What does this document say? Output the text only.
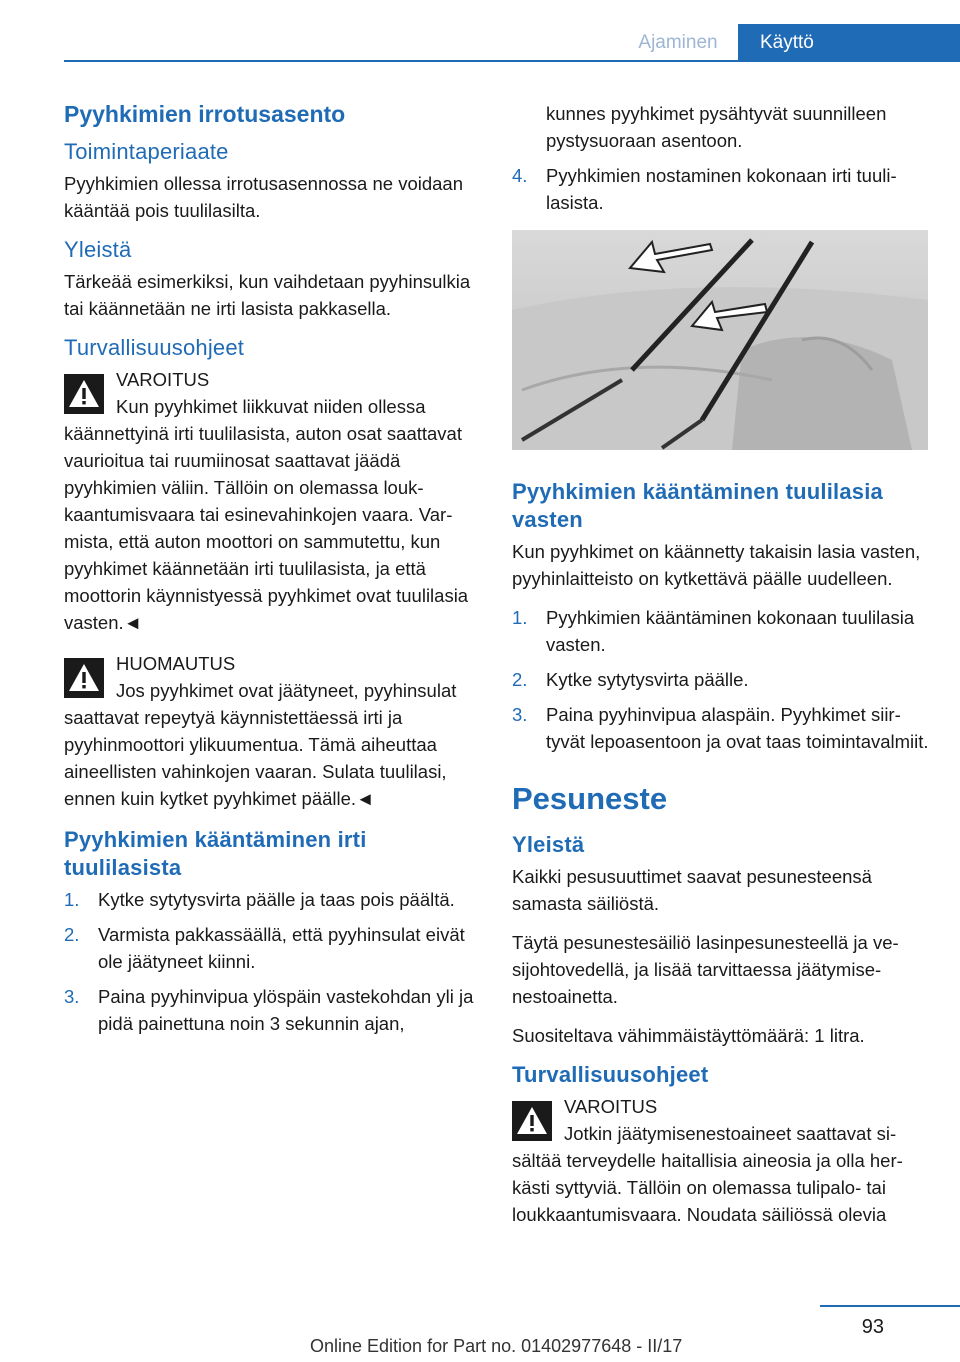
Ajaminen	Käyttö
Pyyhkimien irrotusasento
Toimintaperiaate

Pyyhkimien ollessa irrotusasennossa ne voidaan kääntää pois tuulilasilta.

Yleistä

Tärkeää esimerkiksi, kun vaihdetaan pyyhinsulkia tai käännetään ne irti lasista pakkasella.

Turvallisuusohjeet
VAROITUS
Kun pyyhkimet liikkuvat niiden ollessa käännettyinä irti tuulilasista, auton osat saattavat vaurioitua tai ruumiinosat saattavat jäädä pyyhkimien väliin. Tällöin on olemassa loukkaantumisvaara tai esinevahinkojen vaara. Varmista, että auton moottori on sammutettu, kun pyyhkimet käännetään irti tuulilasista, ja että moottorin käynnistyessä pyyhkimet ovat tuulilasia vasten.◄
HUOMAUTUS
Jos pyyhkimet ovat jäätyneet, pyyhinsulat saattavat repeytyä käynnistettäessä irti ja pyyhinmoottori ylikuumentua. Tämä aiheuttaa aineellisten vahinkojen vaaran. Sulata tuulilasi, ennen kuin kytket pyyhkimet päälle.◄
Pyyhkimien kääntäminen irti tuulilasista
1. Kytke sytytysvirta päälle ja taas pois päältä.
2. Varmista pakkassäällä, että pyyhinsulat eivät ole jäätyneet kiinni.
3. Paina pyyhinvipua ylöspäin vastekohdan yli ja pidä painettuna noin 3 sekunnin ajan,
kunnes pyyhkimet pysähtyvät suunnilleen pystysuoraan asentoon.
4. Pyyhkimien nostaminen kokonaan irti tuulilasista.
Pyyhkimien kääntäminen tuulilasia vasten

Kun pyyhkimet on käännetty takaisin lasia vasten, pyyhinlaitteisto on kytkettävä päälle uudelleen.

1. Pyyhkimien kääntäminen kokonaan tuulilasia vasten.
2. Kytke sytytysvirta päälle.
3. Paina pyyhinvipua alaspäin. Pyyhkimet siirtyvät lepoasentoon ja ovat taas toimintavalmiit.
Pesuneste
Yleistä

Kaikki pesusuuttimet saavat pesunesteensä samasta säiliöstä.

Täytä pesunestesäiliö lasinpesunesteellä ja vesijohtovedellä, ja lisää tarvittaessa jäätymisenestoainetta.

Suositeltava vähimmäistäyttömäärä: 1 litra.

Turvallisuusohjeet
VAROITUS
Jotkin jäätymisenestoaineet saattavat sisältää terveydelle haitallisia aineosia ja olla herkästi syttyviä. Tällöin on olemassa tulipalo- tai loukkaantumisvaara. Noudata säiliössä olevia
93
Online Edition for Part no. 01402977648 - II/17
